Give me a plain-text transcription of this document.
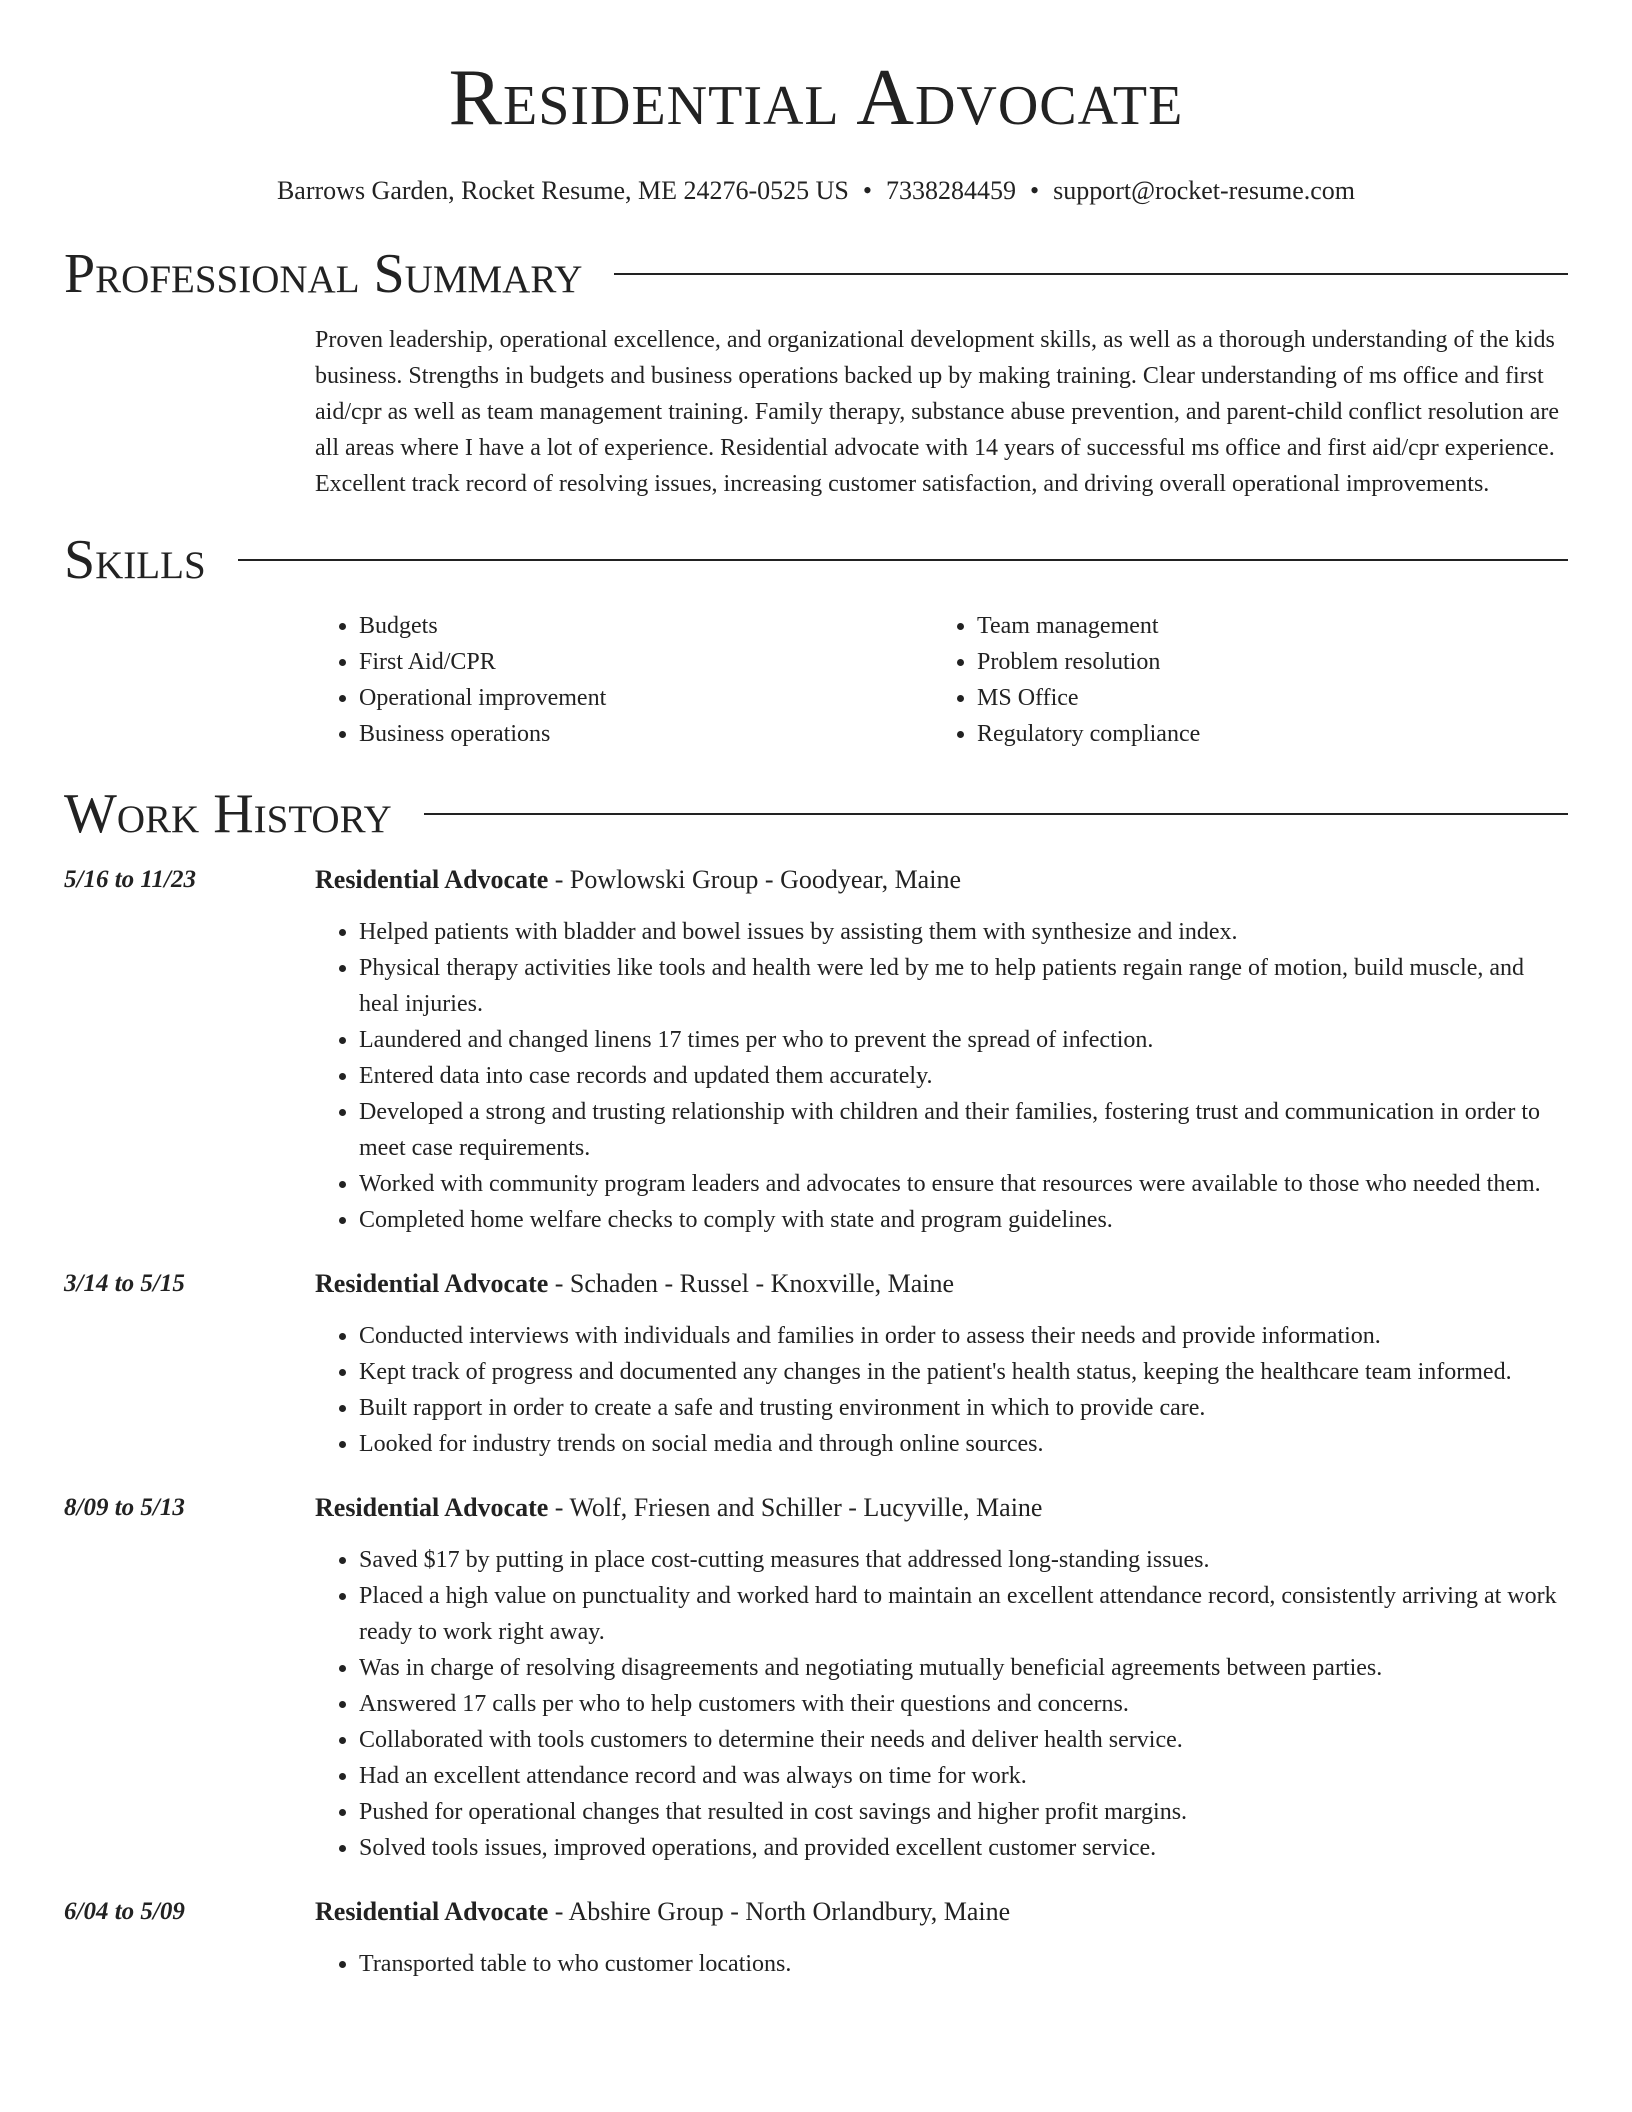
Residential Advocate
Barrows Garden, Rocket Resume, ME 24276-0525 US • 7338284459 • support@rocket-resume.com
Professional Summary

Proven leadership, operational excellence, and organizational development skills, as well as a thorough understanding of the kids business. Strengths in budgets and business operations backed up by making training. Clear understanding of ms office and first aid/cpr as well as team management training. Family therapy, substance abuse prevention, and parent-child conflict resolution are all areas where I have a lot of experience. Residential advocate with 14 years of successful ms office and first aid/cpr experience. Excellent track record of resolving issues, increasing customer satisfaction, and driving overall operational improvements.

Skills
• Budgets
• First Aid/CPR
• Operational improvement
• Business operations
• Team management
• Problem resolution
• MS Office
• Regulatory compliance
Work History
5/16 to 11/23	Residential Advocate - Powlowski Group - Goodyear, Maine
• Helped patients with bladder and bowel issues by assisting them with synthesize and index.
• Physical therapy activities like tools and health were led by me to help patients regain range of motion, build muscle, and heal injuries.
• Laundered and changed linens 17 times per who to prevent the spread of infection.
• Entered data into case records and updated them accurately.
• Developed a strong and trusting relationship with children and their families, fostering trust and communication in order to meet case requirements.
• Worked with community program leaders and advocates to ensure that resources were available to those who needed them.
• Completed home welfare checks to comply with state and program guidelines.
3/14 to 5/15	Residential Advocate - Schaden - Russel - Knoxville, Maine
• Conducted interviews with individuals and families in order to assess their needs and provide information.
• Kept track of progress and documented any changes in the patient's health status, keeping the healthcare team informed.
• Built rapport in order to create a safe and trusting environment in which to provide care.
• Looked for industry trends on social media and through online sources.
8/09 to 5/13	Residential Advocate - Wolf, Friesen and Schiller - Lucyville, Maine
• Saved $17 by putting in place cost-cutting measures that addressed long-standing issues.
• Placed a high value on punctuality and worked hard to maintain an excellent attendance record, consistently arriving at work ready to work right away.
• Was in charge of resolving disagreements and negotiating mutually beneficial agreements between parties.
• Answered 17 calls per who to help customers with their questions and concerns.
• Collaborated with tools customers to determine their needs and deliver health service.
• Had an excellent attendance record and was always on time for work.
• Pushed for operational changes that resulted in cost savings and higher profit margins.
• Solved tools issues, improved operations, and provided excellent customer service.
6/04 to 5/09	Residential Advocate - Abshire Group - North Orlandbury, Maine
• Transported table to who customer locations.
